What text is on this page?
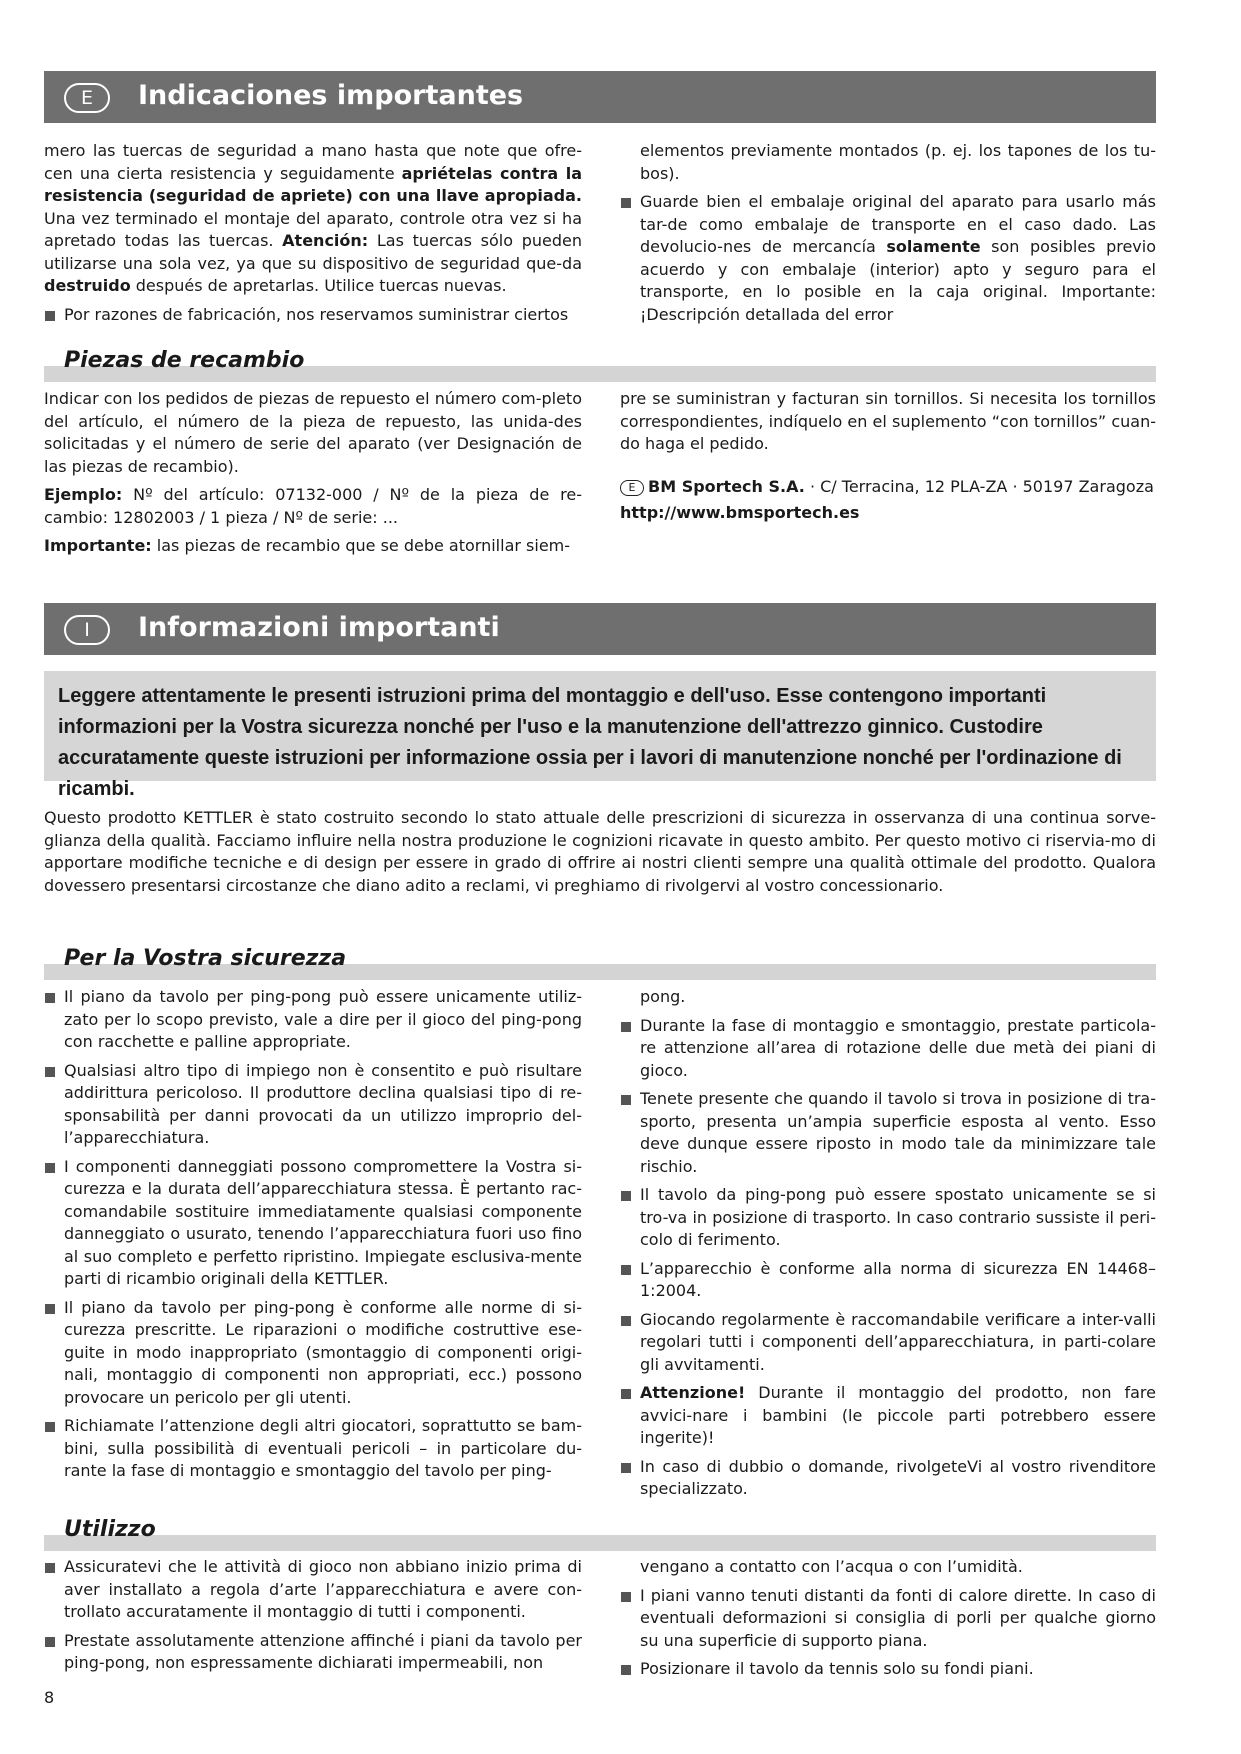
E	Indicaciones importantes

mero las tuercas de seguridad a mano hasta que note que ofre-cen una cierta resistencia y seguidamente apriételas contra la resistencia (seguridad de apriete) con una llave apropiada. Una vez terminado el montaje del aparato, controle otra vez si ha apretado todas las tuercas. Atención: Las tuercas sólo pueden utilizarse una sola vez, ya que su dispositivo de seguridad que-da destruido después de apretarlas. Utilice tuercas nuevas.

Por razones de fabricación, nos reservamos suministrar ciertos

elementos previamente montados (p. ej. los tapones de los tu-bos).

Guarde bien el embalaje original del aparato para usarlo más tar-de como embalaje de transporte en el caso dado. Las devolucio-nes de mercancía solamente son posibles previo acuerdo y con embalaje (interior) apto y seguro para el transporte, en lo posible en la caja original. Importante: ¡Descripción detallada del error
Piezas de recambio

Indicar con los pedidos de piezas de repuesto el número com-pleto del artículo, el número de la pieza de repuesto, las unida-des solicitadas y el número de serie del aparato (ver Designación de las piezas de recambio).

Ejemplo: Nº del artículo: 07132-000 / Nº de la pieza de re-cambio: 12802003 / 1 pieza / Nº de serie: ...

Importante: las piezas de recambio que se debe atornillar siem-

pre se suministran y facturan sin tornillos. Si necesita los tornillos correspondientes, indíquelo en el suplemento “con tornillos” cuan-do haga el pedido.

E BM Sportech S.A. · C/ Terracina, 12 PLA-ZA · 50197 Zaragoza

http://www.bmsportech.es

I	Informazioni importanti

Leggere attentamente le presenti istruzioni prima del montaggio e dell'uso. Esse contengono importanti informazioni per la Vostra sicurezza nonché per l'uso e la manutenzione dell'attrezzo ginnico. Custodire accuratamente queste istruzioni per informazione ossia per i lavori di manutenzione nonché per l'ordinazione di ricambi.

Questo prodotto KETTLER è stato costruito secondo lo stato attuale delle prescrizioni di sicurezza in osservanza di una continua sorve-glianza della qualità. Facciamo influire nella nostra produzione le cognizioni ricavate in questo ambito. Per questo motivo ci riservia-mo di apportare modifiche tecniche e di design per essere in grado di offrire ai nostri clienti sempre una qualità ottimale del prodotto. Qualora dovessero presentarsi circostanze che diano adito a reclami, vi preghiamo di rivolgervi al vostro concessionario.

Per la Vostra sicurezza
Il piano da tavolo per ping-pong può essere unicamente utiliz-zato per lo scopo previsto, vale a dire per il gioco del ping-pong con racchette e palline appropriate.
Qualsiasi altro tipo di impiego non è consentito e può risultare addirittura pericoloso. Il produttore declina qualsiasi tipo di re-sponsabilità per danni provocati da un utilizzo improprio del-l’apparecchiatura.
I componenti danneggiati possono compromettere la Vostra si-curezza e la durata dell’apparecchiatura stessa. È pertanto rac-comandabile sostituire immediatamente qualsiasi componente danneggiato o usurato, tenendo l’apparecchiatura fuori uso fino al suo completo e perfetto ripristino. Impiegate esclusiva-mente parti di ricambio originali della KETTLER.
Il piano da tavolo per ping-pong è conforme alle norme di si-curezza prescritte. Le riparazioni o modifiche costruttive ese-guite in modo inappropriato (smontaggio di componenti origi-nali, montaggio di componenti non appropriati, ecc.) possono provocare un pericolo per gli utenti.
Richiamate l’attenzione degli altri giocatori, soprattutto se bam-bini, sulla possibilità di eventuali pericoli – in particolare du-rante la fase di montaggio e smontaggio del tavolo per ping-

pong.

Durante la fase di montaggio e smontaggio, prestate particola-re attenzione all’area di rotazione delle due metà dei piani di gioco.
Tenete presente che quando il tavolo si trova in posizione di tra-sporto, presenta un’ampia superficie esposta al vento. Esso deve dunque essere riposto in modo tale da minimizzare tale rischio.
Il tavolo da ping-pong può essere spostato unicamente se si tro-va in posizione di trasporto. In caso contrario sussiste il peri-colo di ferimento.
L’apparecchio è conforme alla norma di sicurezza EN 14468–1:2004.
Giocando regolarmente è raccomandabile verificare a inter-valli regolari tutti i componenti dell’apparecchiatura, in parti-colare gli avvitamenti.
Attenzione! Durante il montaggio del prodotto, non fare avvici-nare i bambini (le piccole parti potrebbero essere ingerite)!
In caso di dubbio o domande, rivolgeteVi al vostro rivenditore specializzato.
Utilizzo
Assicuratevi che le attività di gioco non abbiano inizio prima di aver installato a regola d’arte l’apparecchiatura e avere con-trollato accuratamente il montaggio di tutti i componenti.
Prestate assolutamente attenzione affinché i piani da tavolo per ping-pong, non espressamente dichiarati impermeabili, non

vengano a contatto con l’acqua o con l’umidità.

I piani vanno tenuti distanti da fonti di calore dirette. In caso di eventuali deformazioni si consiglia di porli per qualche giorno su una superficie di supporto piana.
Posizionare il tavolo da tennis solo su fondi piani.
8
